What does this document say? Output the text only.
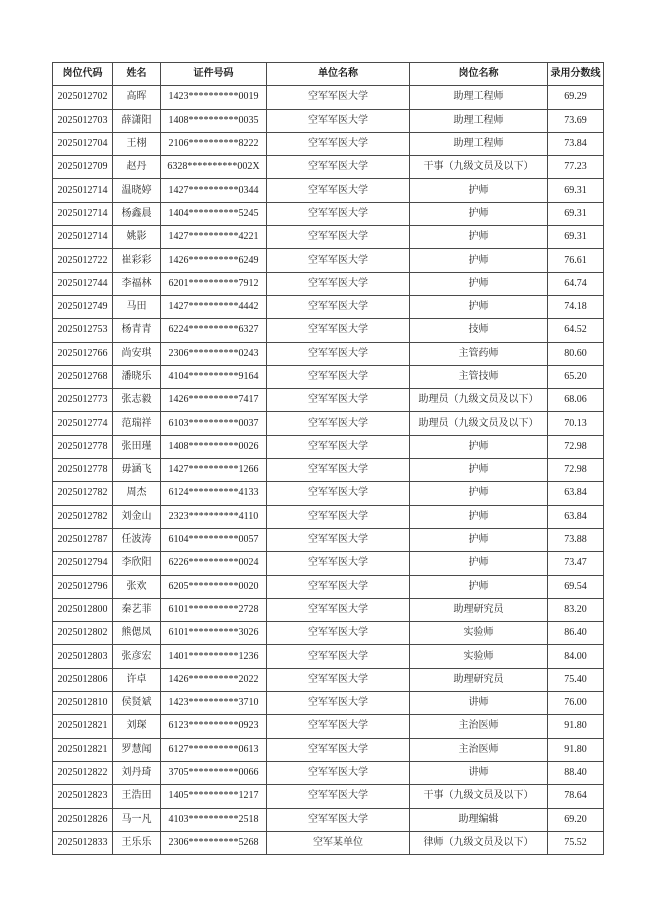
岗位代码	姓名	证件号码	单位名称	岗位名称	录用分数线
2025012702	高晖	1423**********0019	空军军医大学	助理工程师	69.29
2025012703	薛潇阳	1408**********0035	空军军医大学	助理工程师	73.69
2025012704	王栩	2106**********8222	空军军医大学	助理工程师	73.84
2025012709	赵丹	6328**********002X	空军军医大学	干事（九级文员及以下）	77.23
2025012714	温晓婷	1427**********0344	空军军医大学	护师	69.31
2025012714	杨鑫晨	1404**********5245	空军军医大学	护师	69.31
2025012714	姚影	1427**********4221	空军军医大学	护师	69.31
2025012722	崔彩彩	1426**********6249	空军军医大学	护师	76.61
2025012744	李福林	6201**********7912	空军军医大学	护师	64.74
2025012749	马田	1427**********4442	空军军医大学	护师	74.18
2025012753	杨青青	6224**********6327	空军军医大学	技师	64.52
2025012766	尚安琪	2306**********0243	空军军医大学	主管药师	80.60
2025012768	潘晓乐	4104**********9164	空军军医大学	主管技师	65.20
2025012773	张志毅	1426**********7417	空军军医大学	助理员（九级文员及以下）	68.06
2025012774	范瑞祥	6103**********0037	空军军医大学	助理员（九级文员及以下）	70.13
2025012778	张田瑾	1408**********0026	空军军医大学	护师	72.98
2025012778	毋涵飞	1427**********1266	空军军医大学	护师	72.98
2025012782	周杰	6124**********4133	空军军医大学	护师	63.84
2025012782	刘金山	2323**********4110	空军军医大学	护师	63.84
2025012787	任波涛	6104**********0057	空军军医大学	护师	73.88
2025012794	李欣阳	6226**********0024	空军军医大学	护师	73.47
2025012796	张欢	6205**********0020	空军军医大学	护师	69.54
2025012800	秦艺菲	6101**********2728	空军军医大学	助理研究员	83.20
2025012802	熊偲凤	6101**********3026	空军军医大学	实验师	86.40
2025012803	张彦宏	1401**********1236	空军军医大学	实验师	84.00
2025012806	许卓	1426**********2022	空军军医大学	助理研究员	75.40
2025012810	侯贤斌	1423**********3710	空军军医大学	讲师	76.00
2025012821	刘琛	6123**********0923	空军军医大学	主治医师	91.80
2025012821	罗慧闻	6127**********0613	空军军医大学	主治医师	91.80
2025012822	刘丹琦	3705**********0066	空军军医大学	讲师	88.40
2025012823	王浩田	1405**********1217	空军军医大学	干事（九级文员及以下）	78.64
2025012826	马一凡	4103**********2518	空军军医大学	助理编辑	69.20
2025012833	王乐乐	2306**********5268	空军某单位	律师（九级文员及以下）	75.52
